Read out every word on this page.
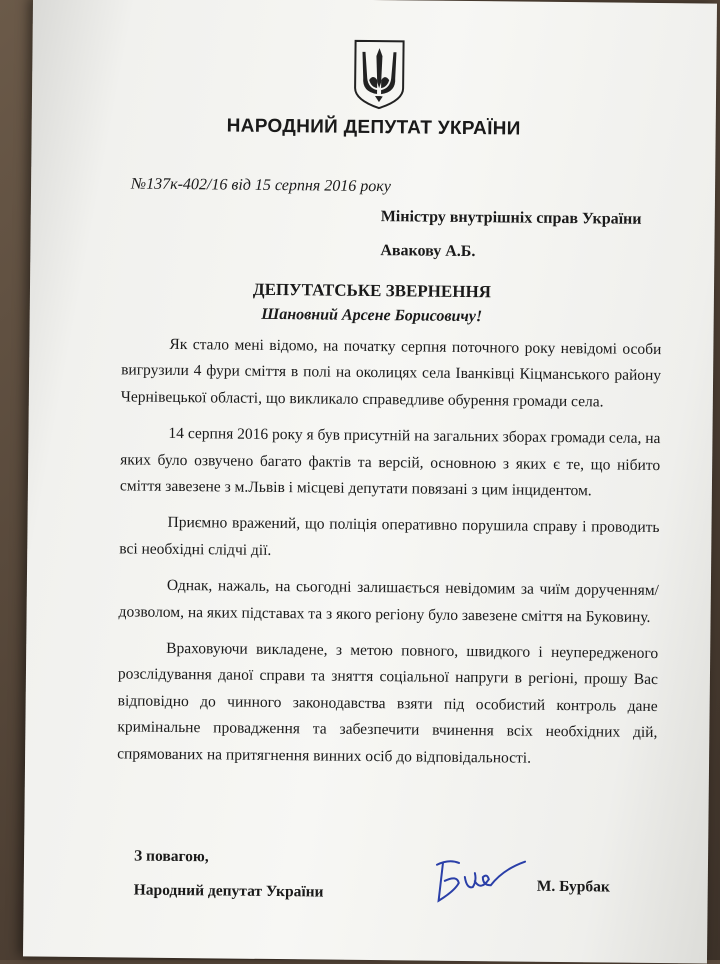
НАРОДНИЙ ДЕПУТАТ УКРАЇНИ
№137к-402/16 від 15 серпня 2016 року
Міністру внутрішніх справ України
Авакову А.Б.
ДЕПУТАТСЬКЕ ЗВЕРНЕННЯ
Шановний Арсене Борисовичу!

Як стало мені відомо, на початку серпня поточного року невідомі особи вигрузили 4 фури сміття в полі на околицях села Іванківці Кіцманського району Чернівецької області, що викликало справедливе обурення громади села.

14 серпня 2016 року я був присутній на загальних зборах громади села, на яких було озвучено багато фактів та версій, основною з яких є те, що нібито сміття завезене з м.Львів і місцеві депутати повязані з цим інцидентом.

Приємно вражений, що поліція оперативно порушила справу і проводить всі необхідні слідчі дії.

Однак, нажаль, на сьогодні залишається невідомим за чиїм дорученням/дозволом, на яких підставах та з якого регіону було завезене сміття на Буковину.

Враховуючи викладене, з метою повного, швидкого і неупередженого розслідування даної справи та зняття соціальної напруги в регіоні, прошу Вас відповідно до чинного законодавства взяти під особистий контроль дане кримінальне провадження та забезпечити вчинення всіх необхідних дій, спрямованих на притягнення винних осіб до відповідальності.

З повагою,
Народний депутат України	М. Бурбак
